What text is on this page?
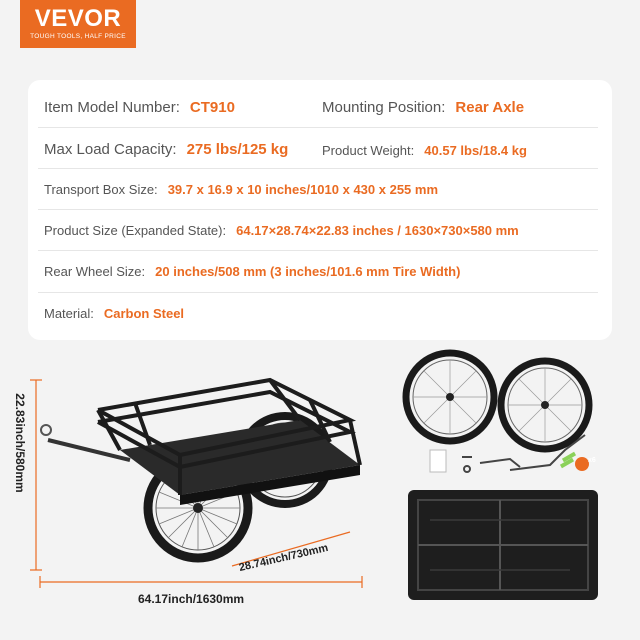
VEVOR
TOUGH TOOLS, HALF PRICE
Item Model Number: CT910	Mounting Position: Rear Axle
Max Load Capacity: 275 lbs/125 kg	Product Weight: 40.57 lbs/18.4 kg
Transport Box Size: 39.7 x 16.9 x 10 inches/1010 x 430 x 255 mm
Product Size (Expanded State): 64.17×28.74×22.83 inches / 1630×730×580 mm
Rear Wheel Size: 20 inches/508 mm (3 inches/101.6 mm Tire Width)
Material: Carbon Steel
64.17inch/1630mm
22.83inch/580mm
28.74inch/730mm
x6
